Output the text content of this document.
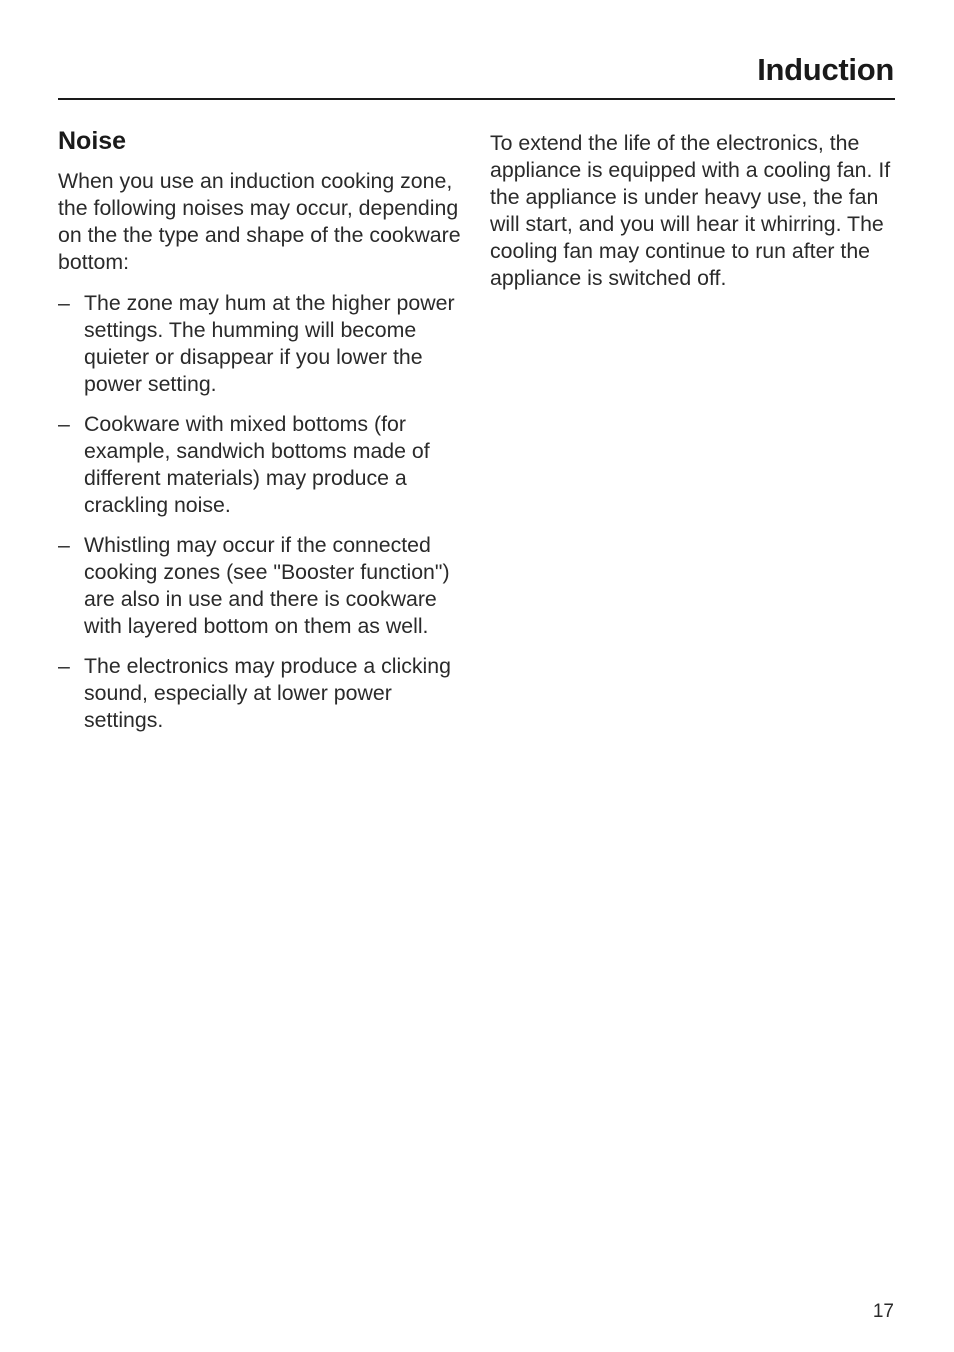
Induction
Noise

When you use an induction cooking zone, the following noises may occur, depending on the the type and shape of the cookware bottom:

– The zone may hum at the higher power settings. The humming will become quieter or disappear if you lower the power setting.
– Cookware with mixed bottoms (for example, sandwich bottoms made of different materials) may produce a crackling noise.
– Whistling may occur if the connected cooking zones (see "Booster function") are also in use and there is cookware with layered bottom on them as well.
– The electronics may produce a clicking sound, especially at lower power settings.

To extend the life of the electronics, the appliance is equipped with a cooling fan. If the appliance is under heavy use, the fan will start, and you will hear it whirring. The cooling fan may continue to run after the appliance is switched off.

17
